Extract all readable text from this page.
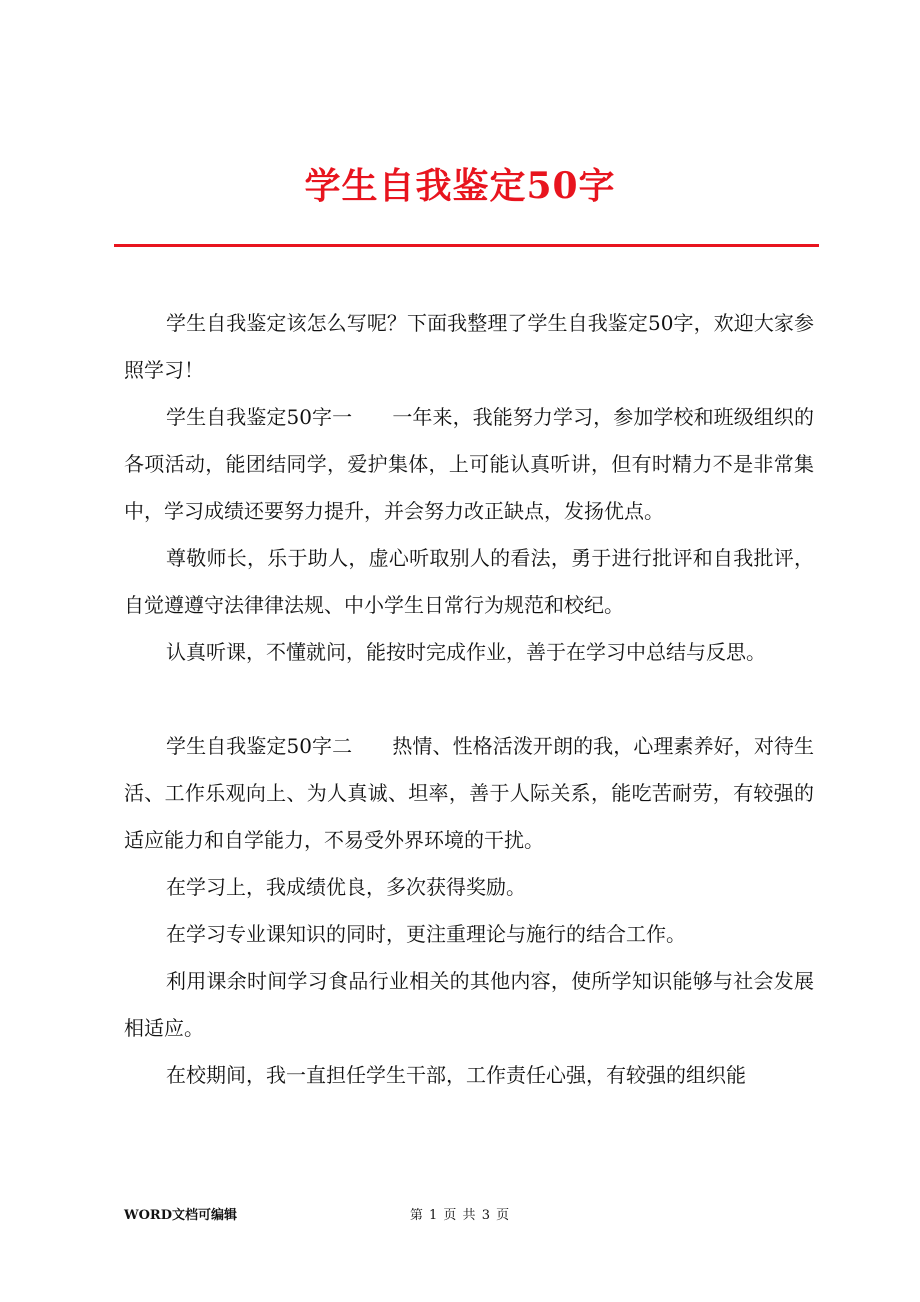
学生自我鉴定50字

学生自我鉴定该怎么写呢？下面我整理了学生自我鉴定50字，欢迎大家参照学习！

学生自我鉴定50字一　　一年来，我能努力学习，参加学校和班级组织的各项活动，能团结同学，爱护集体，上可能认真听讲，但有时精力不是非常集中，学习成绩还要努力提升，并会努力改正缺点，发扬优点。

尊敬师长，乐于助人，虚心听取别人的看法，勇于进行批评和自我批评，自觉遵遵守法律律法规、中小学生日常行为规范和校纪。

认真听课，不懂就问，能按时完成作业，善于在学习中总结与反思。

学生自我鉴定50字二　　热情、性格活泼开朗的我，心理素养好，对待生活、工作乐观向上、为人真诚、坦率，善于人际关系，能吃苦耐劳，有较强的适应能力和自学能力，不易受外界环境的干扰。

在学习上，我成绩优良，多次获得奖励。

在学习专业课知识的同时，更注重理论与施行的结合工作。

利用课余时间学习食品行业相关的其他内容，使所学知识能够与社会发展相适应。

在校期间，我一直担任学生干部，工作责任心强，有较强的组织能

WORD文档可编辑	第 1 页 共 3 页
